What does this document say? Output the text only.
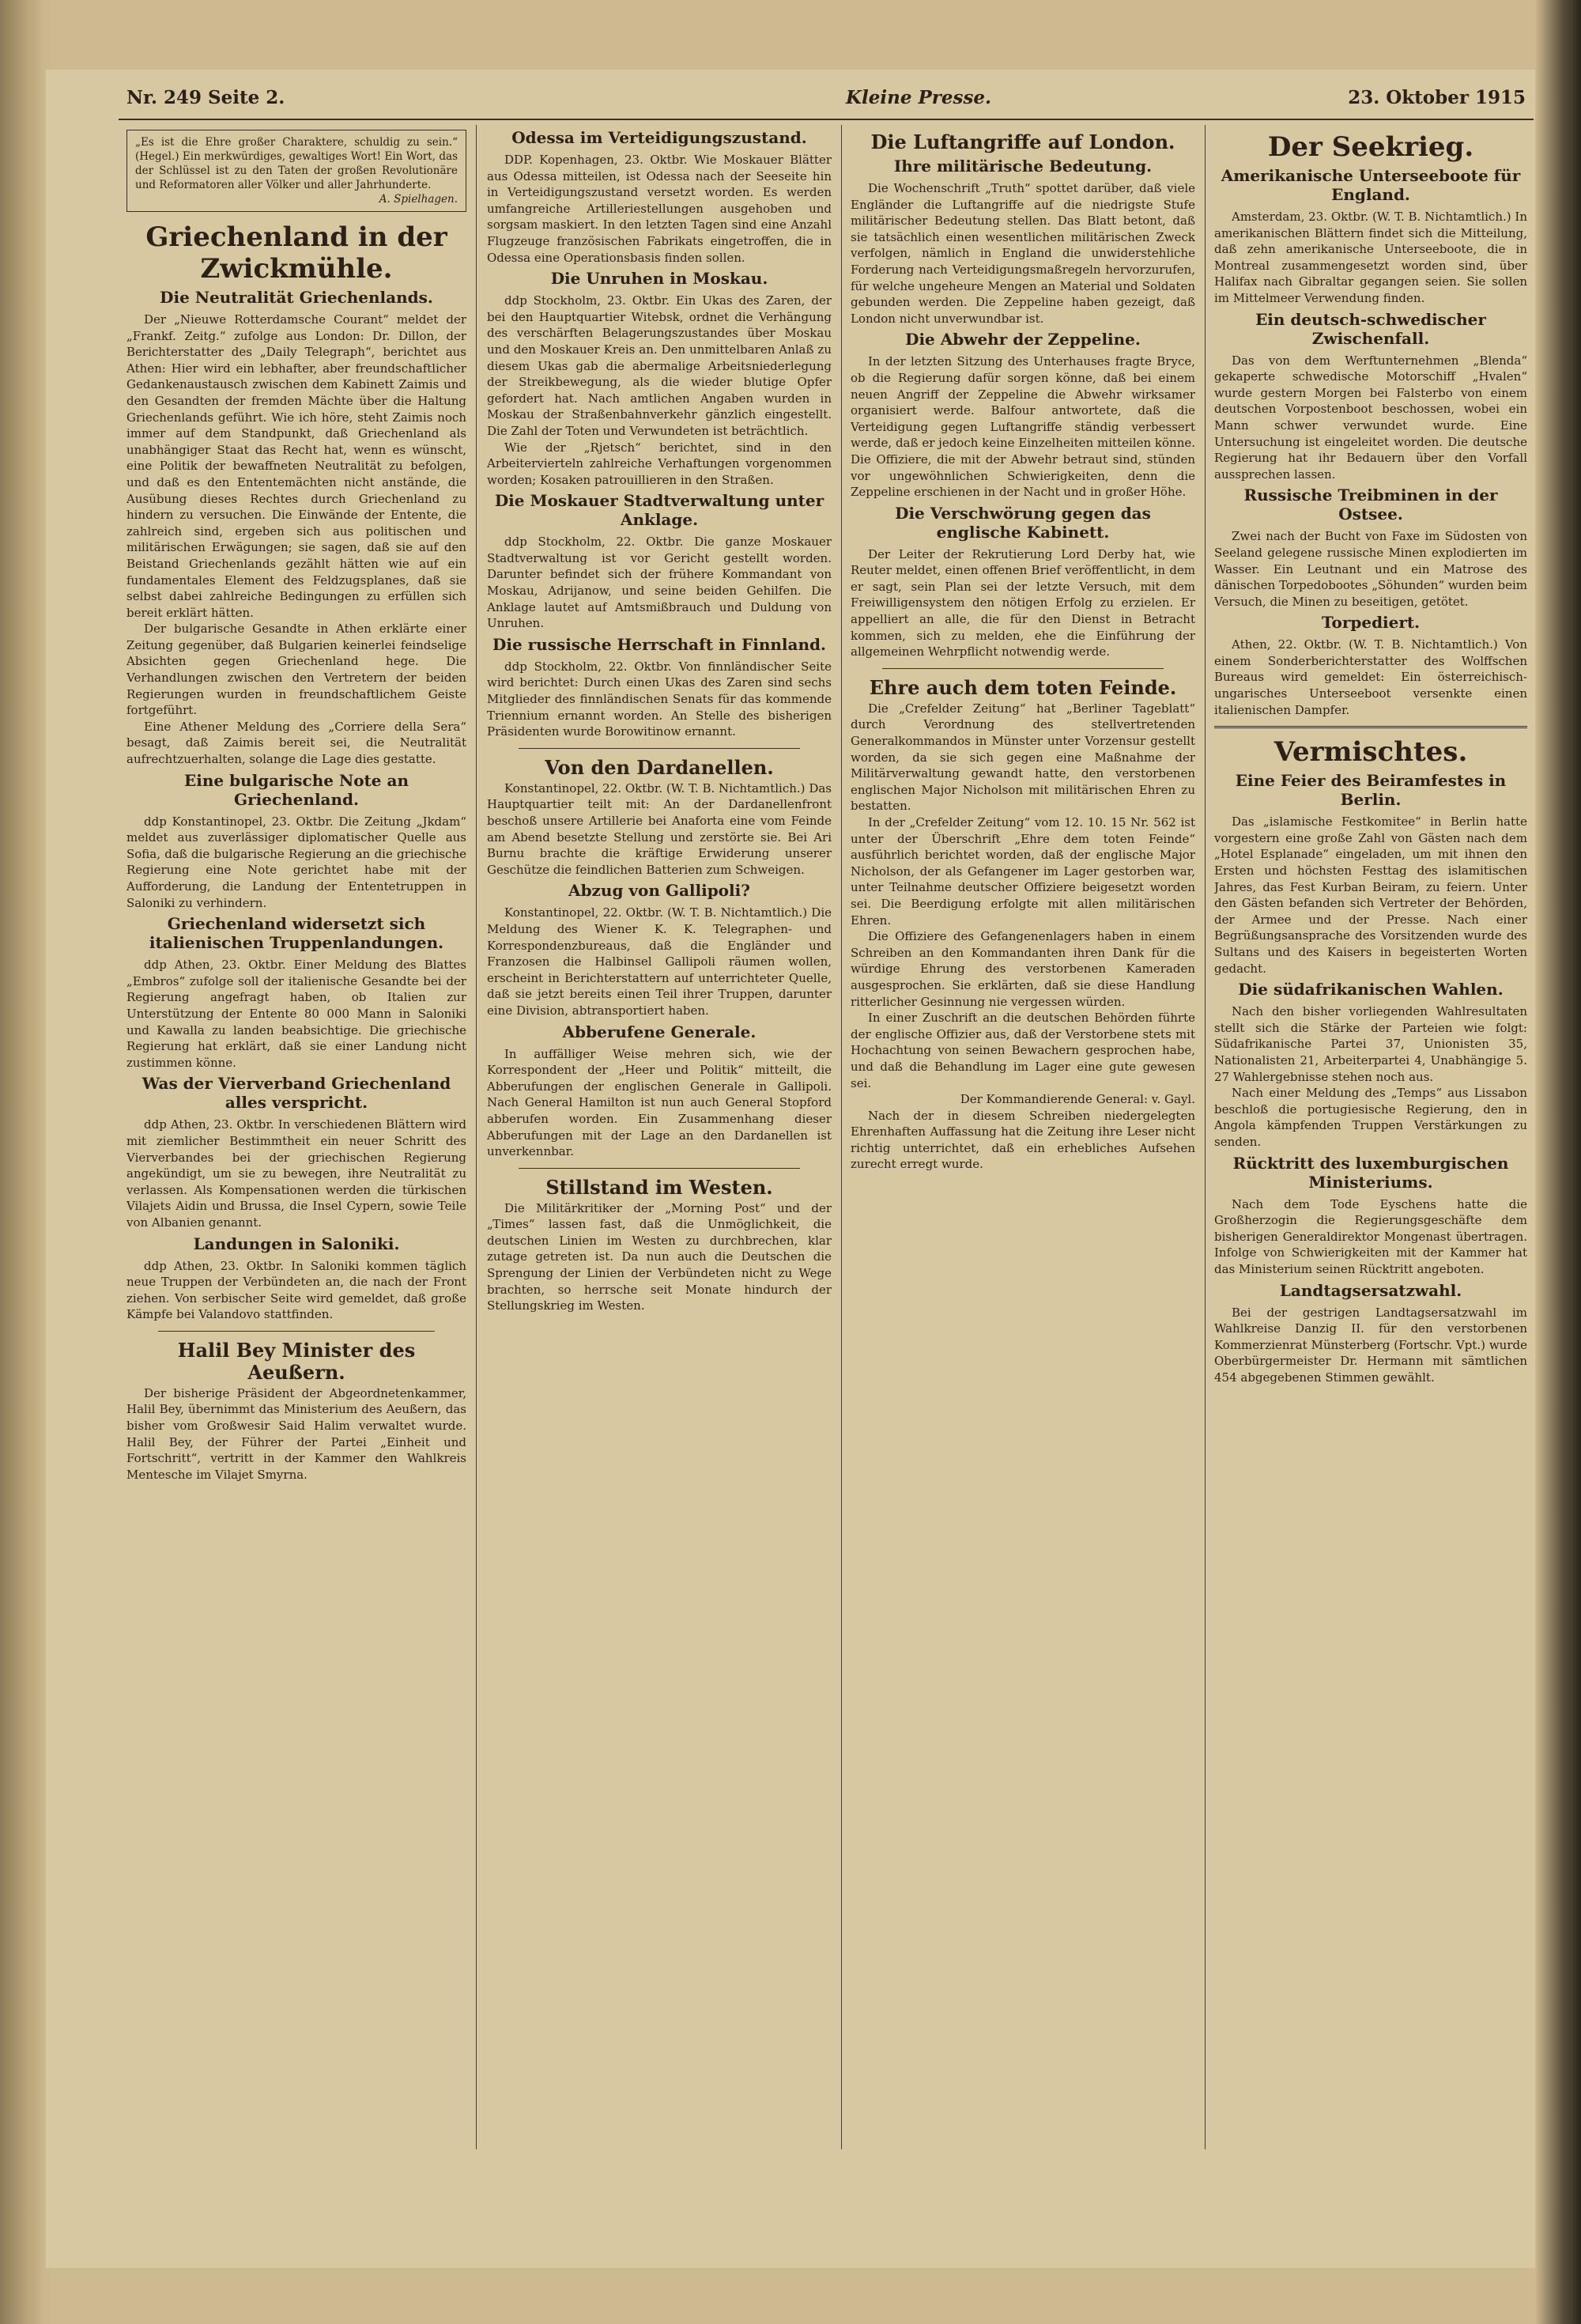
Nr. 249 Seite 2.	Kleine Presse.	23. Oktober 1915
„Es ist die Ehre großer Charaktere, schuldig zu sein.“ (Hegel.) Ein merkwürdiges, gewaltiges Wort! Ein Wort, das der Schlüssel ist zu den Taten der großen Revolutionäre und Reformatoren aller Völker und aller Jahrhunderte.
A. Spielhagen.
Griechenland in der Zwickmühle.
Die Neutralität Griechenlands.

Der „Nieuwe Rotterdamsche Courant“ meldet der „Frankf. Zeitg.“ zufolge aus London: Dr. Dillon, der Berichterstatter des „Daily Telegraph“, berichtet aus Athen: Hier wird ein lebhafter, aber freundschaftlicher Gedankenaustausch zwischen dem Kabinett Zaimis und den Gesandten der fremden Mächte über die Haltung Griechenlands geführt. Wie ich höre, steht Zaimis noch immer auf dem Standpunkt, daß Griechenland als unabhängiger Staat das Recht hat, wenn es wünscht, eine Politik der bewaffneten Neutralität zu befolgen, und daß es den Ententemächten nicht anstände, die Ausübung dieses Rechtes durch Griechenland zu hindern zu versuchen. Die Einwände der Entente, die zahlreich sind, ergeben sich aus politischen und militärischen Erwägungen; sie sagen, daß sie auf den Beistand Griechenlands gezählt hätten wie auf ein fundamentales Element des Feldzugsplanes, daß sie selbst dabei zahlreiche Bedingungen zu erfüllen sich bereit erklärt hätten.

Der bulgarische Gesandte in Athen erklärte einer Zeitung gegenüber, daß Bulgarien keinerlei feindselige Absichten gegen Griechenland hege. Die Verhandlungen zwischen den Vertretern der beiden Regierungen wurden in freundschaftlichem Geiste fortgeführt.

Eine Athener Meldung des „Corriere della Sera“ besagt, daß Zaimis bereit sei, die Neutralität aufrechtzuerhalten, solange die Lage dies gestatte.

Eine bulgarische Note an Griechenland.

ddp Konstantinopel, 23. Oktbr. Die Zeitung „Jkdam“ meldet aus zuverlässiger diplomatischer Quelle aus Sofia, daß die bulgarische Regierung an die griechische Regierung eine Note gerichtet habe mit der Aufforderung, die Landung der Ententetruppen in Saloniki zu verhindern.

Griechenland widersetzt sich italienischen Truppenlandungen.

ddp Athen, 23. Oktbr. Einer Meldung des Blattes „Embros“ zufolge soll der italienische Gesandte bei der Regierung angefragt haben, ob Italien zur Unterstützung der Entente 80 000 Mann in Saloniki und Kawalla zu landen beabsichtige. Die griechische Regierung hat erklärt, daß sie einer Landung nicht zustimmen könne.

Was der Vierverband Griechenland alles verspricht.

ddp Athen, 23. Oktbr. In verschiedenen Blättern wird mit ziemlicher Bestimmtheit ein neuer Schritt des Vierverbandes bei der griechischen Regierung angekündigt, um sie zu bewegen, ihre Neutralität zu verlassen. Als Kompensationen werden die türkischen Vilajets Aidin und Brussa, die Insel Cypern, sowie Teile von Albanien genannt.

Landungen in Saloniki.

ddp Athen, 23. Oktbr. In Saloniki kommen täglich neue Truppen der Verbündeten an, die nach der Front ziehen. Von serbischer Seite wird gemeldet, daß große Kämpfe bei Valandovo stattfinden.

Halil Bey Minister des Aeußern.

Der bisherige Präsident der Abgeordnetenkammer, Halil Bey, übernimmt das Ministerium des Aeußern, das bisher vom Großwesir Said Halim verwaltet wurde. Halil Bey, der Führer der Partei „Einheit und Fortschritt“, vertritt in der Kammer den Wahlkreis Mentesche im Vilajet Smyrna.

Odessa im Verteidigungszustand.

DDP. Kopenhagen, 23. Oktbr. Wie Moskauer Blätter aus Odessa mitteilen, ist Odessa nach der Seeseite hin in Verteidigungszustand versetzt worden. Es werden umfangreiche Artilleriestellungen ausgehoben und sorgsam maskiert. In den letzten Tagen sind eine Anzahl Flugzeuge französischen Fabrikats eingetroffen, die in Odessa eine Operationsbasis finden sollen.

Die Unruhen in Moskau.

ddp Stockholm, 23. Oktbr. Ein Ukas des Zaren, der bei den Hauptquartier Witebsk, ordnet die Verhängung des verschärften Belagerungszustandes über Moskau und den Moskauer Kreis an. Den unmittelbaren Anlaß zu diesem Ukas gab die abermalige Arbeitsniederlegung der Streikbewegung, als die wieder blutige Opfer gefordert hat. Nach amtlichen Angaben wurden in Moskau der Straßenbahnverkehr gänzlich eingestellt. Die Zahl der Toten und Verwundeten ist beträchtlich.

Wie der „Rjetsch“ berichtet, sind in den Arbeitervierteln zahlreiche Verhaftungen vorgenommen worden; Kosaken patrouillieren in den Straßen.

Die Moskauer Stadtverwaltung unter Anklage.

ddp Stockholm, 22. Oktbr. Die ganze Moskauer Stadtverwaltung ist vor Gericht gestellt worden. Darunter befindet sich der frühere Kommandant von Moskau, Adrijanow, und seine beiden Gehilfen. Die Anklage lautet auf Amtsmißbrauch und Duldung von Unruhen.

Die russische Herrschaft in Finnland.

ddp Stockholm, 22. Oktbr. Von finnländischer Seite wird berichtet: Durch einen Ukas des Zaren sind sechs Mitglieder des finnländischen Senats für das kommende Triennium ernannt worden. An Stelle des bisherigen Präsidenten wurde Borowitinow ernannt.

Von den Dardanellen.

Konstantinopel, 22. Oktbr. (W. T. B. Nichtamtlich.) Das Hauptquartier teilt mit: An der Dardanellenfront beschoß unsere Artillerie bei Anaforta eine vom Feinde am Abend besetzte Stellung und zerstörte sie. Bei Ari Burnu brachte die kräftige Erwiderung unserer Geschütze die feindlichen Batterien zum Schweigen.

Abzug von Gallipoli?

Konstantinopel, 22. Oktbr. (W. T. B. Nichtamtlich.) Die Meldung des Wiener K. K. Telegraphen- und Korrespondenzbureaus, daß die Engländer und Franzosen die Halbinsel Gallipoli räumen wollen, erscheint in Berichterstattern auf unterrichteter Quelle, daß sie jetzt bereits einen Teil ihrer Truppen, darunter eine Division, abtransportiert haben.

Abberufene Generale.

In auffälliger Weise mehren sich, wie der Korrespondent der „Heer und Politik“ mitteilt, die Abberufungen der englischen Generale in Gallipoli. Nach General Hamilton ist nun auch General Stopford abberufen worden. Ein Zusammenhang dieser Abberufungen mit der Lage an den Dardanellen ist unverkennbar.

Stillstand im Westen.

Die Militärkritiker der „Morning Post“ und der „Times“ lassen fast, daß die Unmöglichkeit, die deutschen Linien im Westen zu durchbrechen, klar zutage getreten ist. Da nun auch die Deutschen die Sprengung der Linien der Verbündeten nicht zu Wege brachten, so herrsche seit Monate hindurch der Stellungskrieg im Westen.

Die Luftangriffe auf London.
Ihre militärische Bedeutung.

Die Wochenschrift „Truth“ spottet darüber, daß viele Engländer die Luftangriffe auf die niedrigste Stufe militärischer Bedeutung stellen. Das Blatt betont, daß sie tatsächlich einen wesentlichen militärischen Zweck verfolgen, nämlich in England die unwiderstehliche Forderung nach Verteidigungsmaßregeln hervorzurufen, für welche ungeheure Mengen an Material und Soldaten gebunden werden. Die Zeppeline haben gezeigt, daß London nicht unverwundbar ist.

Die Abwehr der Zeppeline.

In der letzten Sitzung des Unterhauses fragte Bryce, ob die Regierung dafür sorgen könne, daß bei einem neuen Angriff der Zeppeline die Abwehr wirksamer organisiert werde. Balfour antwortete, daß die Verteidigung gegen Luftangriffe ständig verbessert werde, daß er jedoch keine Einzelheiten mitteilen könne. Die Offiziere, die mit der Abwehr betraut sind, stünden vor ungewöhnlichen Schwierigkeiten, denn die Zeppeline erschienen in der Nacht und in großer Höhe.

Die Verschwörung gegen das englische Kabinett.

Der Leiter der Rekrutierung Lord Derby hat, wie Reuter meldet, einen offenen Brief veröffentlicht, in dem er sagt, sein Plan sei der letzte Versuch, mit dem Freiwilligensystem den nötigen Erfolg zu erzielen. Er appelliert an alle, die für den Dienst in Betracht kommen, sich zu melden, ehe die Einführung der allgemeinen Wehrpflicht notwendig werde.

Ehre auch dem toten Feinde.

Die „Crefelder Zeitung“ hat „Berliner Tageblatt“ durch Verordnung des stellvertretenden Generalkommandos in Münster unter Vorzensur gestellt worden, da sie sich gegen eine Maßnahme der Militärverwaltung gewandt hatte, den verstorbenen englischen Major Nicholson mit militärischen Ehren zu bestatten.

In der „Crefelder Zeitung“ vom 12. 10. 15 Nr. 562 ist unter der Überschrift „Ehre dem toten Feinde“ ausführlich berichtet worden, daß der englische Major Nicholson, der als Gefangener im Lager gestorben war, unter Teilnahme deutscher Offiziere beigesetzt worden sei. Die Beerdigung erfolgte mit allen militärischen Ehren.

Die Offiziere des Gefangenenlagers haben in einem Schreiben an den Kommandanten ihren Dank für die würdige Ehrung des verstorbenen Kameraden ausgesprochen. Sie erklärten, daß sie diese Handlung ritterlicher Gesinnung nie vergessen würden.

In einer Zuschrift an die deutschen Behörden führte der englische Offizier aus, daß der Verstorbene stets mit Hochachtung von seinen Bewachern gesprochen habe, und daß die Behandlung im Lager eine gute gewesen sei.

Der Kommandierende General: v. Gayl.

Nach der in diesem Schreiben niedergelegten Ehrenhaften Auffassung hat die Zeitung ihre Leser nicht richtig unterrichtet, daß ein erhebliches Aufsehen zurecht erregt wurde.

Der Seekrieg.
Amerikanische Unterseeboote für England.

Amsterdam, 23. Oktbr. (W. T. B. Nichtamtlich.) In amerikanischen Blättern findet sich die Mitteilung, daß zehn amerikanische Unterseeboote, die in Montreal zusammengesetzt worden sind, über Halifax nach Gibraltar gegangen seien. Sie sollen im Mittelmeer Verwendung finden.

Ein deutsch-schwedischer Zwischenfall.

Das von dem Werftunternehmen „Blenda“ gekaperte schwedische Motorschiff „Hvalen“ wurde gestern Morgen bei Falsterbo von einem deutschen Vorpostenboot beschossen, wobei ein Mann schwer verwundet wurde. Eine Untersuchung ist eingeleitet worden. Die deutsche Regierung hat ihr Bedauern über den Vorfall aussprechen lassen.

Russische Treibminen in der Ostsee.

Zwei nach der Bucht von Faxe im Südosten von Seeland gelegene russische Minen explodierten im Wasser. Ein Leutnant und ein Matrose des dänischen Torpedobootes „Söhunden“ wurden beim Versuch, die Minen zu beseitigen, getötet.

Torpediert.

Athen, 22. Oktbr. (W. T. B. Nichtamtlich.) Von einem Sonderberichterstatter des Wolffschen Bureaus wird gemeldet: Ein österreichisch-ungarisches Unterseeboot versenkte einen italienischen Dampfer.

Vermischtes.
Eine Feier des Beiramfestes in Berlin.

Das „islamische Festkomitee“ in Berlin hatte vorgestern eine große Zahl von Gästen nach dem „Hotel Esplanade“ eingeladen, um mit ihnen den Ersten und höchsten Festtag des islamitischen Jahres, das Fest Kurban Beiram, zu feiern. Unter den Gästen befanden sich Vertreter der Behörden, der Armee und der Presse. Nach einer Begrüßungsansprache des Vorsitzenden wurde des Sultans und des Kaisers in begeisterten Worten gedacht.

Die südafrikanischen Wahlen.

Nach den bisher vorliegenden Wahlresultaten stellt sich die Stärke der Parteien wie folgt: Südafrikanische Partei 37, Unionisten 35, Nationalisten 21, Arbeiterpartei 4, Unabhängige 5. 27 Wahlergebnisse stehen noch aus.

Nach einer Meldung des „Temps“ aus Lissabon beschloß die portugiesische Regierung, den in Angola kämpfenden Truppen Verstärkungen zu senden.

Rücktritt des luxemburgischen Ministeriums.

Nach dem Tode Eyschens hatte die Großherzogin die Regierungsgeschäfte dem bisherigen Generaldirektor Mongenast übertragen. Infolge von Schwierigkeiten mit der Kammer hat das Ministerium seinen Rücktritt angeboten.

Landtagsersatzwahl.

Bei der gestrigen Landtagsersatzwahl im Wahlkreise Danzig II. für den verstorbenen Kommerzienrat Münsterberg (Fortschr. Vpt.) wurde Oberbürgermeister Dr. Hermann mit sämtlichen 454 abgegebenen Stimmen gewählt.
